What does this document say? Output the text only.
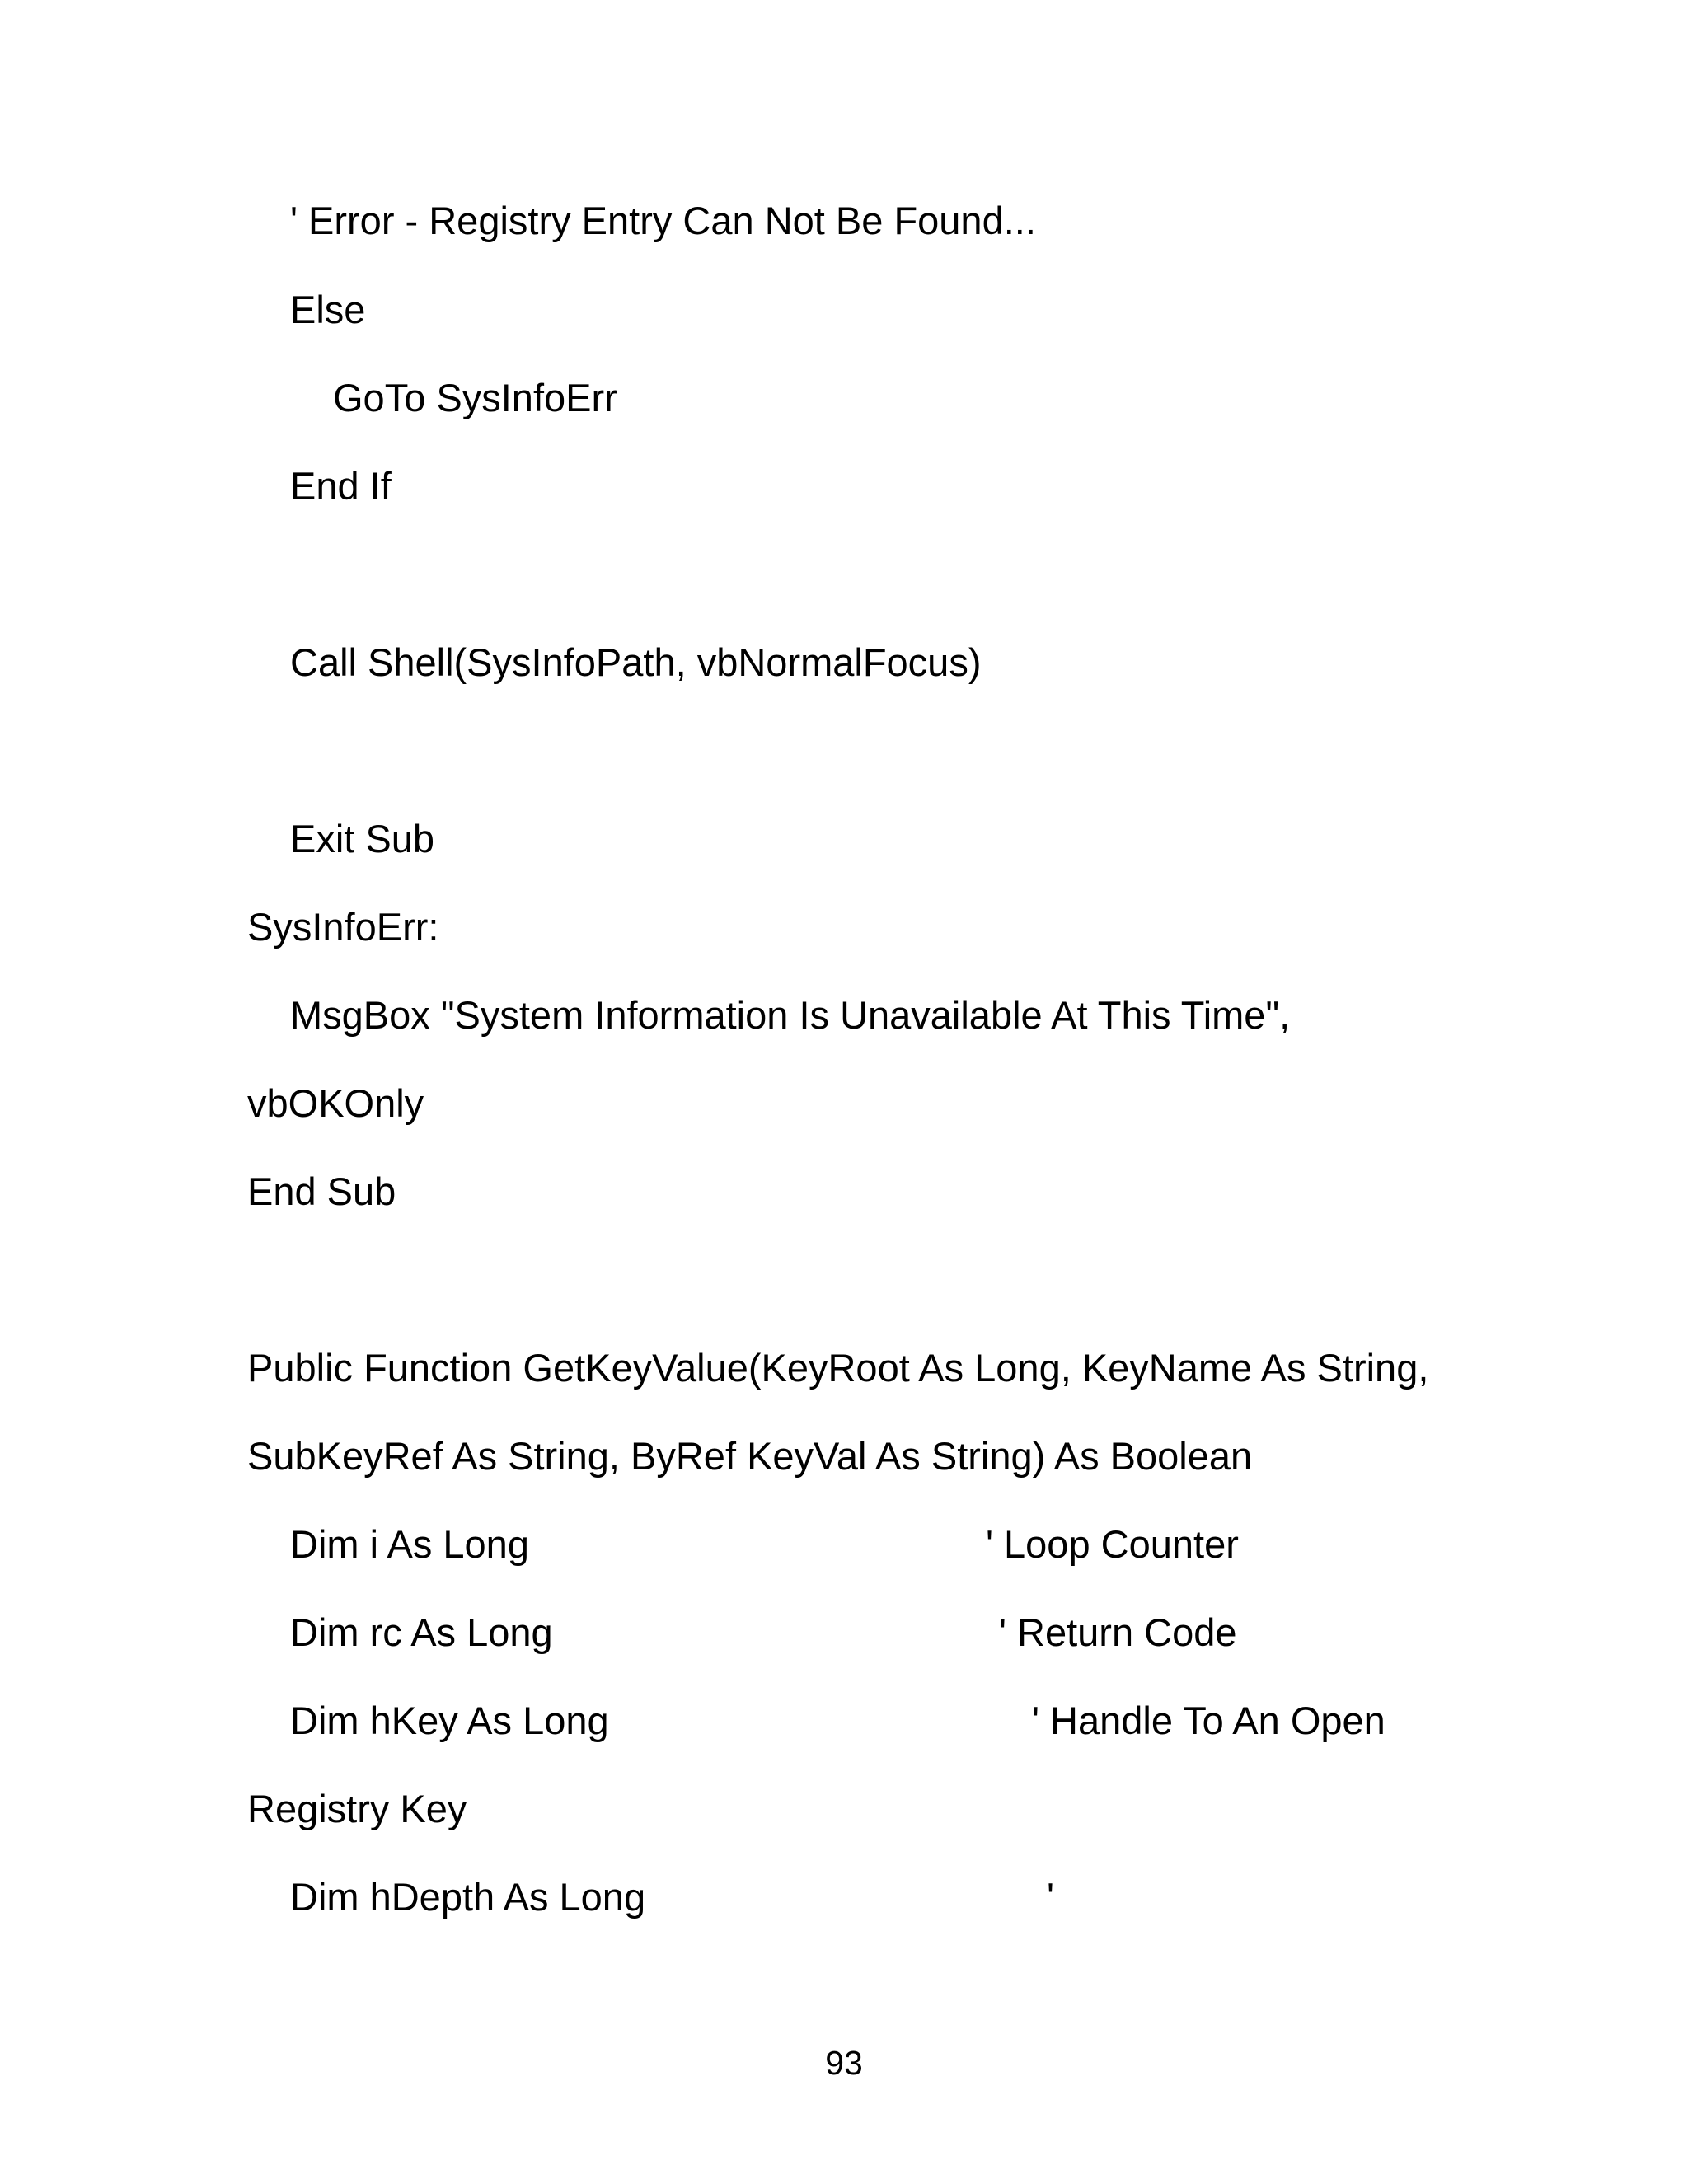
' Error - Registry Entry Can Not Be Found...
Else
GoTo SysInfoErr
End If
Call Shell(SysInfoPath, vbNormalFocus)
Exit Sub
SysInfoErr:
MsgBox "System Information Is Unavailable At This Time",
vbOKOnly
End Sub
Public Function GetKeyValue(KeyRoot As Long, KeyName As String,
SubKeyRef As String, ByRef KeyVal As String) As Boolean
Dim i As Long	' Loop Counter
Dim rc As Long	' Return Code
Dim hKey As Long	' Handle To An Open
Registry Key
Dim hDepth As Long	'
93
